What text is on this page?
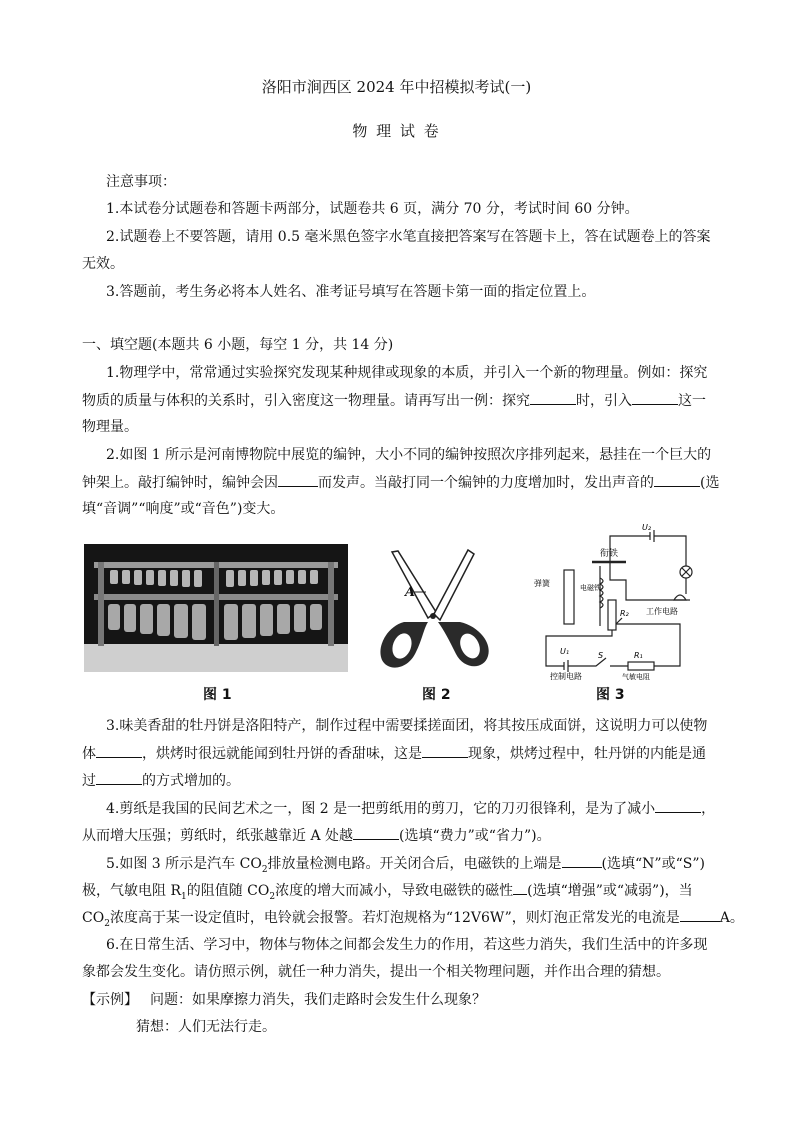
洛阳市涧西区 2024 年中招模拟考试(一)
物 理 试 卷
注意事项：
1.本试卷分试题卷和答题卡两部分，试题卷共 6 页，满分 70 分，考试时间 60 分钟。
2.试题卷上不要答题，请用 0.5 毫米黑色签字水笔直接把答案写在答题卡上，答在试题卷上的答案
无效。
3.答题前，考生务必将本人姓名、准考证号填写在答题卡第一面的指定位置上。
一、填空题(本题共 6 小题，每空 1 分，共 14 分)
1.物理学中，常常通过实验探究发现某种规律或现象的本质，并引入一个新的物理量。例如：探究
物质的质量与体积的关系时，引入密度这一物理量。请再写出一例：探究	时，引入	这一
物理量。
2.如图 1 所示是河南博物院中展览的编钟，大小不同的编钟按照次序排列起来，悬挂在一个巨大的
钟架上。敲打编钟时，编钟会因	而发声。当敲打同一个编钟的力度增加时，发出声音的	(选
填“音调”“响度”或“音色”)变大。
A
U₂
衔铁
弹簧	电磁铁
R₂ 工作电路
U₁	S	R₁
气敏电阻
控制电路
图 1	图 2	图 3
3.味美香甜的牡丹饼是洛阳特产，制作过程中需要揉搓面团，将其按压成面饼，这说明力可以使物
体	，烘烤时很远就能闻到牡丹饼的香甜味，这是	现象，烘烤过程中，牡丹饼的内能是通
过	的方式增加的。
4.剪纸是我国的民间艺术之一，图 2 是一把剪纸用的剪刀，它的刀刃很锋利，是为了减小	，
从而增大压强；剪纸时，纸张越靠近 A 处越	(选填“费力”或“省力”)。
5.如图 3 所示是汽车 $CO_2$排放量检测电路。开关闭合后，电磁铁的上端是	(选填“N”或“S”)
极，气敏电阻 $R_1$的阻值随 $CO_2$浓度的增大而减小，导致电磁铁的磁性 (选填“增强”或“减弱”)，当
$CO_2$浓度高于某一设定值时，电铃就会报警。若灯泡规格为“12V6W”，则灯泡正常发光的电流是	A。
6.在日常生活、学习中，物体与物体之间都会发生力的作用，若这些力消失，我们生活中的许多现
象都会发生变化。请仿照示例，就任一种力消失，提出一个相关物理问题，并作出合理的猜想。
【示例】 问题：如果摩擦力消失，我们走路时会发生什么现象？
猜想：人们无法行走。
